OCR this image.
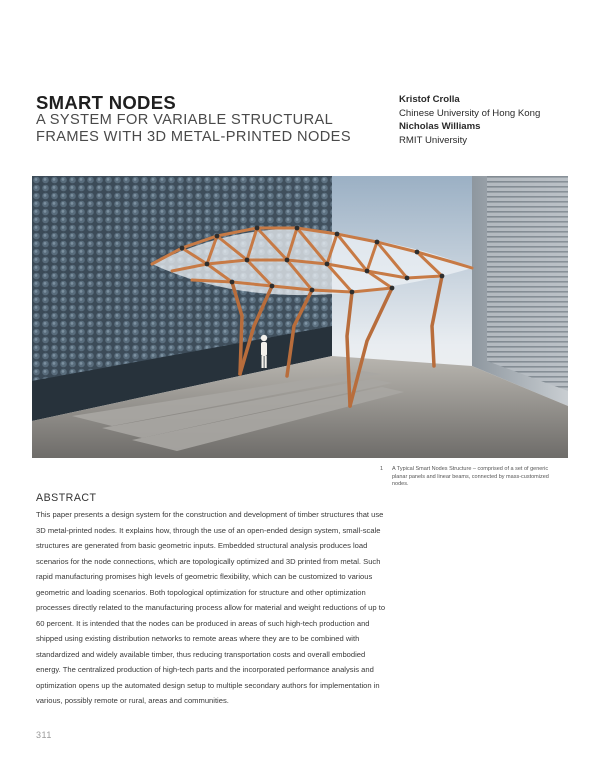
SMART NODES

A SYSTEM FOR VARIABLE STRUCTURAL
FRAMES WITH 3D METAL-PRINTED NODES

Kristof Crolla
Chinese University of Hong Kong
Nicholas Williams
RMIT University
1	A Typical Smart Nodes Structure – comprised of a set of generic planar panels and linear beams, connected by mass-customized nodes.
ABSTRACT

This paper presents a design system for the construction and development of timber structures that use 3D metal-printed nodes. It explains how, through the use of an open-ended design system, small-scale structures are generated from basic geometric inputs. Embedded structural analysis produces load scenarios for the node connections, which are topologically optimized and 3D printed from metal. Such rapid manufacturing promises high levels of geometric flexibility, which can be customized to various geometric and loading scenarios. Both topological optimization for structure and other optimization processes directly related to the manufacturing process allow for material and weight reductions of up to 60 percent. It is intended that the nodes can be produced in areas of such high-tech production and shipped using existing distribution networks to remote areas where they are to be combined with standardized and widely available timber, thus reducing transportation costs and overall embodied energy. The centralized production of high-tech parts and the incorporated performance analysis and optimization opens up the automated design setup to multiple secondary authors for implementation in various, possibly remote or rural, areas and communities.

311
